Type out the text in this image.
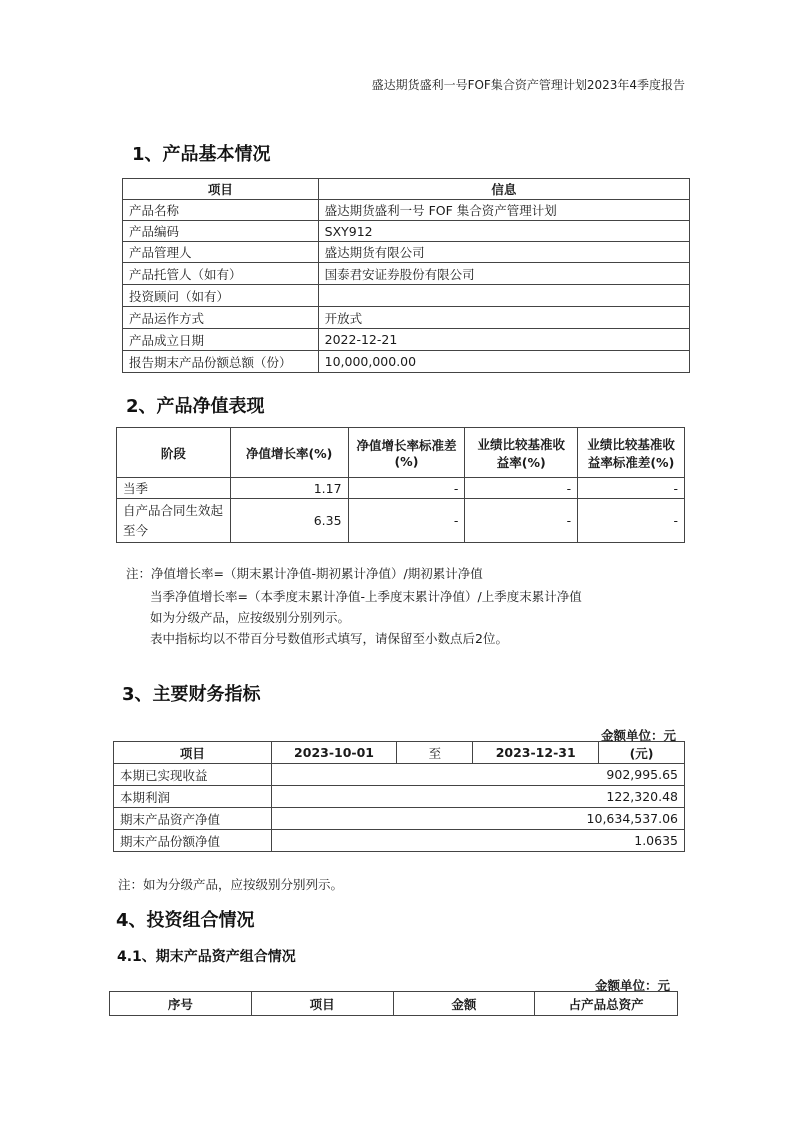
盛达期货盛利一号FOF集合资产管理计划2023年4季度报告
1、产品基本情况
项目	信息
产品名称	盛达期货盛利一号 FOF 集合资产管理计划
产品编码	SXY912
产品管理人	盛达期货有限公司
产品托管人（如有）	国泰君安证券股份有限公司
投资顾问（如有）	
产品运作方式	开放式
产品成立日期	2022-12-21
报告期末产品份额总额（份）	10,000,000.00
2、产品净值表现
阶段	净值增长率(%)	净值增长率标准差(%)	业绩比较基准收益率(%)	业绩比较基准收益率标准差(%)
当季	1.17	-	-	-
自产品合同生效起至今	6.35	-	-	-
注：净值增长率=（期末累计净值-期初累计净值）/期初累计净值
当季净值增长率=（本季度末累计净值-上季度末累计净值）/上季度末累计净值
如为分级产品，应按级别分别列示。
表中指标均以不带百分号数值形式填写，请保留至小数点后2位。
3、主要财务指标
金额单位：元
项目	2023-10-01	至	2023-12-31	(元)
本期已实现收益	902,995.65			
本期利润	122,320.48			
期末产品资产净值	10,634,537.06			
期末产品份额净值	1.0635			
注：如为分级产品，应按级别分别列示。
4、投资组合情况
4.1、期末产品资产组合情况
金额单位：元
序号	项目	金额	占产品总资产
